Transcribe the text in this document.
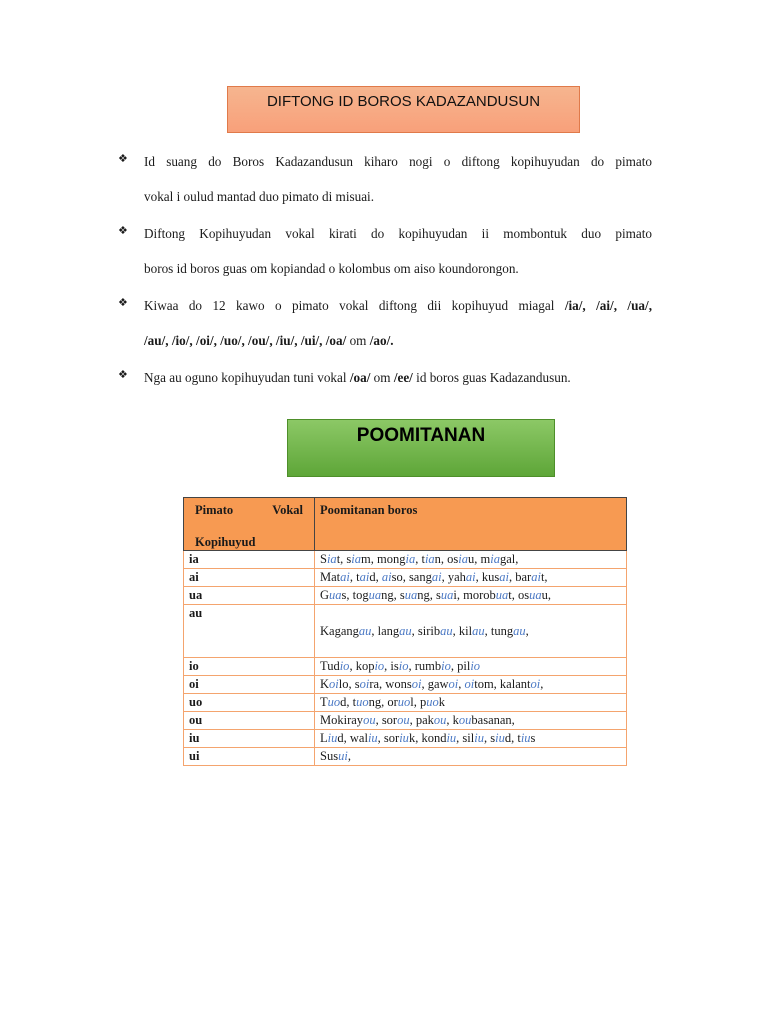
DIFTONG ID BOROS KADAZANDUSUN
❖ Id suang do Boros Kadazandusun kiharo nogi o diftong kopihuyudan do pimato
vokal i oulud mantad duo pimato di misuai.
❖ Diftong Kopihuyudan vokal kirati do kopihuyudan ii mombontuk duo pimato
boros id boros guas om kopiandad o kolombus om aiso koundorongon.
❖ Kiwaa do 12 kawo o pimato vokal diftong dii kopihuyud miagal /ia/, /ai/, /ua/,
/au/, /io/, /oi/, /uo/, /ou/, /iu/, /ui/, /oa/ om /ao/.
❖ Nga au oguno kopihuyudan tuni vokal /oa/ om /ee/ id boros guas Kadazandusun.
POOMITANAN
Pimato Vokal
Kopihuyud	Poomitanan boros
ia	Siat, siam, mongia, tian, osiau, miagal,
ai	Matai, taid, aiso, sangai, yahai, kusai, barait,
ua	Guas, toguang, suang, suai, morobuat, osuau,
au	Kagangau, langau, siribau, kilau, tungau,
io	Tudio, kopio, isio, rumbio, pilio
oi	Koilo, soira, wonsoi, gawoi, oitom, kalantoi,
uo	Tuod, tuong, oruol, puok
ou	Mokirayou, sorou, pakou, koubasanan,
iu	Liud, waliu, soriuk, kondiu, siliu, siud, tius
ui	Susui,
